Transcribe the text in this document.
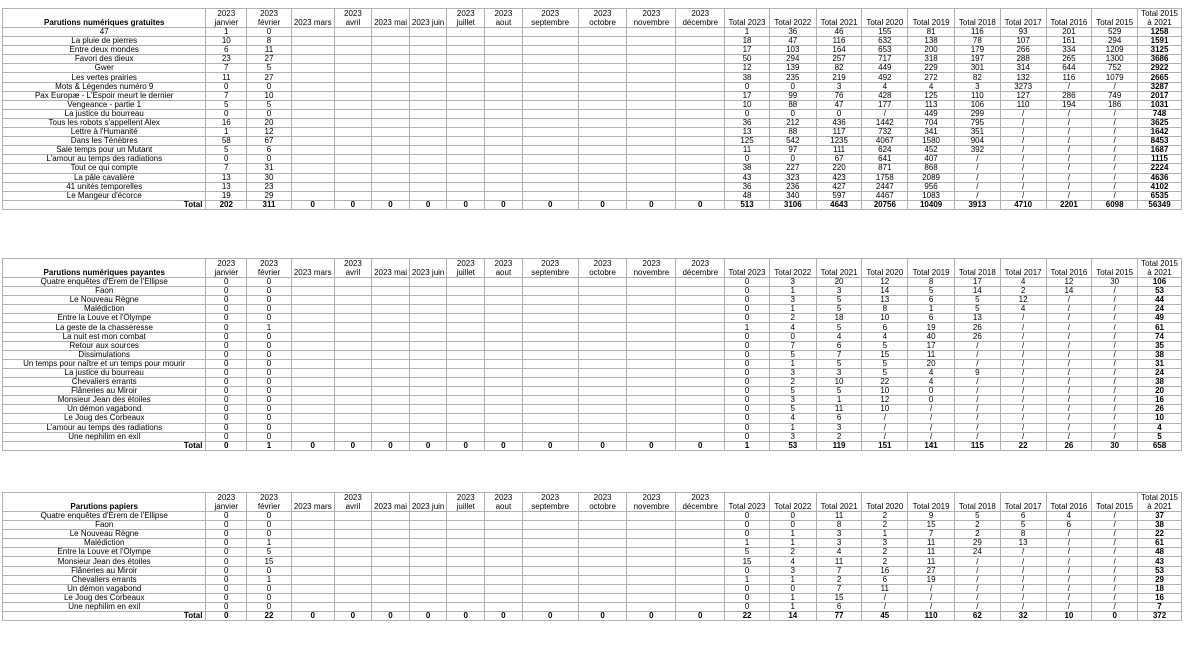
Parutions numériques gratuites	2023 janvier	2023 février	2023 mars	2023 avril	2023 mai	2023 juin	2023 juillet	2023 aout	2023 septembre	2023 octobre	2023 novembre	2023 décembre	Total 2023	Total 2022	Total 2021	Total 2020	Total 2019	Total 2018	Total 2017	Total 2016	Total 2015	Total 2015 à 2021
47	1	0											1	36	46	155	81	116	93	201	529	1258
La pluie de pierres	10	8											18	47	116	632	138	78	107	161	294	1591
Entre deux mondes	6	11											17	103	164	653	200	179	266	334	1209	3125
Favori des dieux	23	27											50	294	257	717	318	197	288	265	1300	3686
Gwer	7	5											12	139	82	449	229	301	314	644	752	2922
Les vertes prairies	11	27											38	235	219	492	272	82	132	116	1079	2665
Mots & Légendes numéro 9	0	0											0	0	3	4	4	3	3273	/	/	3287
Pax Europæ - L'Espoir meurt le dernier	7	10											17	99	76	428	125	110	127	286	749	2017
Vengeance - partie 1	5	5											10	88	47	177	113	106	110	194	186	1031
La justice du bourreau	0	0											0	0	0	/	449	299	/	/	/	748
Tous les robots s'appellent Alex	16	20											36	212	436	1442	704	795	/	/	/	3625
Lettre à l'Humanité	1	12											13	88	117	732	341	351	/	/	/	1642
Dans les Ténèbres	58	67											125	542	1235	4067	1580	904	/	/	/	8453
Sale temps pour un Mutant	5	6											11	97	111	624	452	392	/	/	/	1687
L'amour au temps des radiations	0	0											0	0	67	641	407	/	/	/	/	1115
Tout ce qui compte	7	31											38	227	220	871	868	/	/	/	/	2224
La pâle cavalière	13	30											43	323	423	1758	2089	/	/	/	/	4636
41 unités temporelles	13	23											36	236	427	2447	956	/	/	/	/	4102
Le Mangeur d'écorce	19	29											48	340	597	4467	1083	/	/	/	/	6535
Total	202	311	0	0	0	0	0	0	0	0	0	0	513	3106	4643	20756	10409	3913	4710	2201	6098	56349
Parutions numériques payantes	2023 janvier	2023 février	2023 mars	2023 avril	2023 mai	2023 juin	2023 juillet	2023 aout	2023 septembre	2023 octobre	2023 novembre	2023 décembre	Total 2023	Total 2022	Total 2021	Total 2020	Total 2019	Total 2018	Total 2017	Total 2016	Total 2015	Total 2015 à 2021
Quatre enquêtes d'Erem de l'Ellipse	0	0											0	3	20	12	8	17	4	12	30	106
Faon	0	0											0	1	3	14	5	14	2	14	/	53
Le Nouveau Règne	0	0											0	3	5	13	6	5	12	/	/	44
Malédiction	0	0											0	1	5	8	1	5	4	/	/	24
Entre la Louve et l'Olympe	0	0											0	2	18	10	6	13	/	/	/	49
La geste de la chasseresse	0	1											1	4	5	6	19	26	/	/	/	61
La nuit est mon combat	0	0											0	0	4	4	40	26	/	/	/	74
Retour aux sources	0	0											0	7	6	5	17	/	/	/	/	35
Dissimulations	0	0											0	5	7	15	11	/	/	/	/	38
Un temps pour naître et un temps pour mourir	0	0											0	1	5	5	20	/	/	/	/	31
La justice du bourreau	0	0											0	3	3	5	4	9	/	/	/	24
Chevaliers errants	0	0											0	2	10	22	4	/	/	/	/	38
Flâneries au Miroir	0	0											0	5	5	10	0	/	/	/	/	20
Monsieur Jean des étoiles	0	0											0	3	1	12	0	/	/	/	/	16
Un démon vagabond	0	0											0	5	11	10	/	/	/	/	/	26
Le Joug des Corbeaux	0	0											0	4	6	/	/	/	/	/	/	10
L'amour au temps des radiations	0	0											0	1	3	/	/	/	/	/	/	4
Une nephilim en exil	0	0											0	3	2	/	/	/	/	/	/	5
Total	0	1	0	0	0	0	0	0	0	0	0	0	1	53	119	151	141	115	22	26	30	658
Parutions papiers	2023 janvier	2023 février	2023 mars	2023 avril	2023 mai	2023 juin	2023 juillet	2023 aout	2023 septembre	2023 octobre	2023 novembre	2023 décembre	Total 2023	Total 2022	Total 2021	Total 2020	Total 2019	Total 2018	Total 2017	Total 2016	Total 2015	Total 2015 à 2021
Quatre enquêtes d'Erem de l'Ellipse	0	0											0	0	11	2	9	5	6	4	/	37
Faon	0	0											0	0	8	2	15	2	5	6	/	38
Le Nouveau Règne	0	0											0	1	3	1	7	2	8	/	/	22
Malédiction	0	1											1	1	3	3	11	29	13	/	/	61
Entre la Louve et l'Olympe	0	5											5	2	4	2	11	24	/	/	/	48
Monsieur Jean des étoiles	0	15											15	4	11	2	11	/	/	/	/	43
Flâneries au Miroir	0	0											0	3	7	16	27	/	/	/	/	53
Chevaliers errants	0	1											1	1	2	6	19	/	/	/	/	29
Un démon vagabond	0	0											0	0	7	11	/	/	/	/	/	18
Le Joug des Corbeaux	0	0											0	1	15	/	/	/	/	/	/	16
Une nephilim en exil	0	0											0	1	6	/	/	/	/	/	/	7
Total	0	22	0	0	0	0	0	0	0	0	0	0	22	14	77	45	110	62	32	10	0	372
